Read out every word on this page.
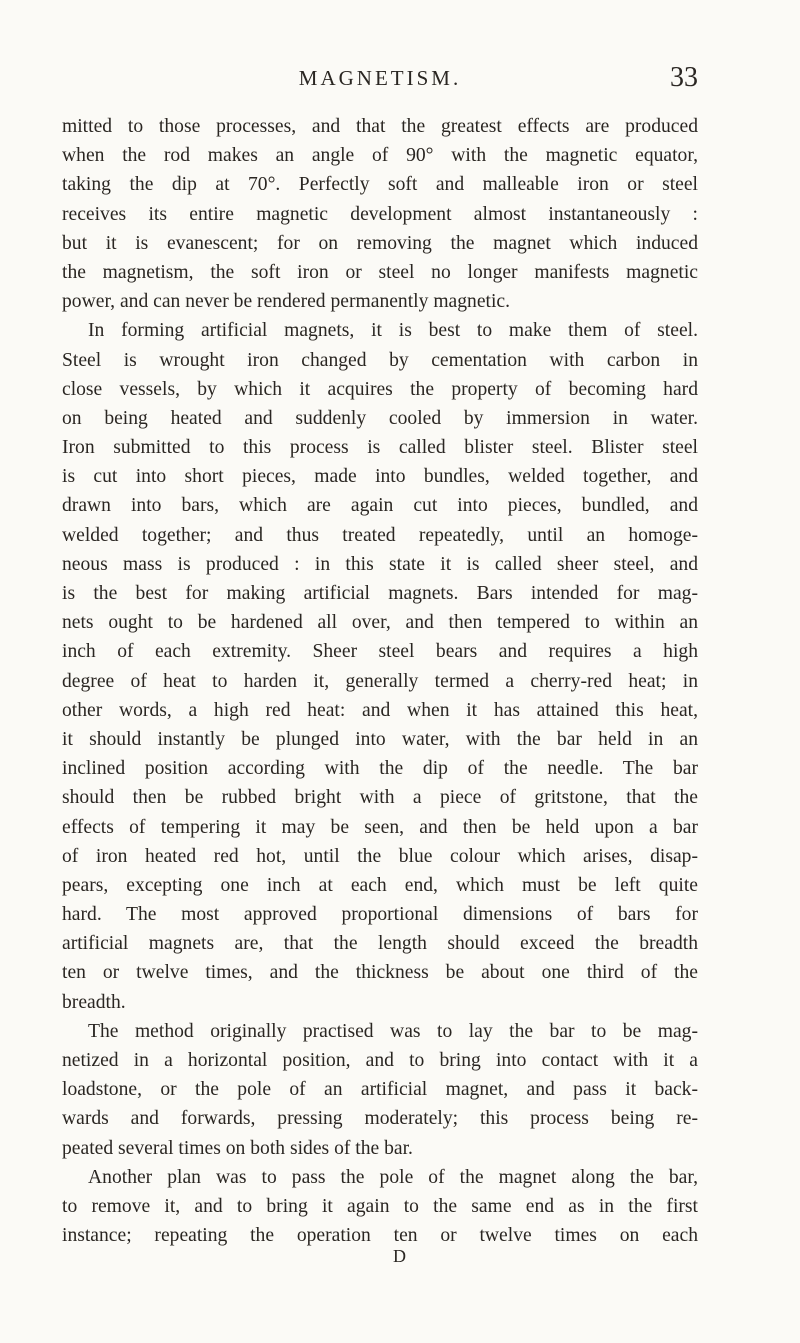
MAGNETISM.	33
mitted to those processes, and that the greatest effects are produced
when the rod makes an angle of 90° with the magnetic equator,
taking the dip at 70°. Perfectly soft and malleable iron or steel
receives its entire magnetic development almost instantaneously :
but it is evanescent; for on removing the magnet which induced
the magnetism, the soft iron or steel no longer manifests magnetic
power, and can never be rendered permanently magnetic.
In forming artificial magnets, it is best to make them of steel.
Steel is wrought iron changed by cementation with carbon in
close vessels, by which it acquires the property of becoming hard
on being heated and suddenly cooled by immersion in water.
Iron submitted to this process is called blister steel. Blister steel
is cut into short pieces, made into bundles, welded together, and
drawn into bars, which are again cut into pieces, bundled, and
welded together; and thus treated repeatedly, until an homoge-
neous mass is produced : in this state it is called sheer steel, and
is the best for making artificial magnets. Bars intended for mag-
nets ought to be hardened all over, and then tempered to within an
inch of each extremity. Sheer steel bears and requires a high
degree of heat to harden it, generally termed a cherry-red heat; in
other words, a high red heat: and when it has attained this heat,
it should instantly be plunged into water, with the bar held in an
inclined position according with the dip of the needle. The bar
should then be rubbed bright with a piece of gritstone, that the
effects of tempering it may be seen, and then be held upon a bar
of iron heated red hot, until the blue colour which arises, disap-
pears, excepting one inch at each end, which must be left quite
hard. The most approved proportional dimensions of bars for
artificial magnets are, that the length should exceed the breadth
ten or twelve times, and the thickness be about one third of the
breadth.
The method originally practised was to lay the bar to be mag-
netized in a horizontal position, and to bring into contact with it a
loadstone, or the pole of an artificial magnet, and pass it back-
wards and forwards, pressing moderately; this process being re-
peated several times on both sides of the bar.
Another plan was to pass the pole of the magnet along the bar,
to remove it, and to bring it again to the same end as in the first
instance; repeating the operation ten or twelve times on each
D
